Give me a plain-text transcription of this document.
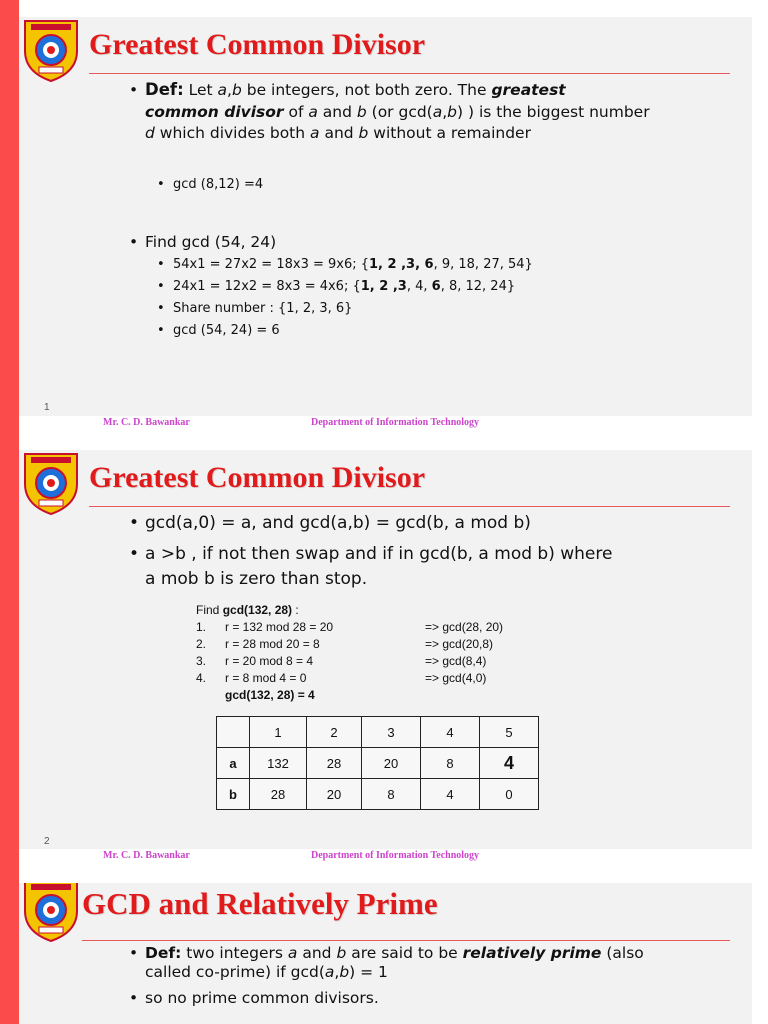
Greatest Common Divisor
• Def: Let a,b be integers, not both zero. The greatest
common divisor of a and b (or gcd(a,b) ) is the biggest number
d which divides both a and b without a remainder
• gcd (8,12) =4
• Find gcd (54, 24)
• 54x1 = 27x2 = 18x3 = 9x6; {1, 2 ,3, 6, 9, 18, 27, 54}
• 24x1 = 12x2 = 8x3 = 4x6; {1, 2 ,3, 4, 6, 8, 12, 24}
• Share number : {1, 2, 3, 6}
• gcd (54, 24) = 6
1
Mr. C. D. Bawankar	Department of Information Technology
Greatest Common Divisor
• gcd(a,0) = a, and gcd(a,b) = gcd(b, a mod b)
• a >b , if not then swap and if in gcd(b, a mod b) where
a mob b is zero than stop.
Find gcd(132, 28) :
1. r = 132 mod 28 = 20	=> gcd(28, 20)
2. r = 28 mod 20 = 8	=> gcd(20,8)
3. r = 20 mod 8 = 4	=> gcd(8,4)
4. r = 8 mod 4 = 0	=> gcd(4,0)
gcd(132, 28) = 4
	1	2	3	4	5
a	132	28	20	8	4
b	28	20	8	4	0
2
Mr. C. D. Bawankar	Department of Information Technology
GCD and Relatively Prime
• Def: two integers a and b are said to be relatively prime (also
called co-prime) if gcd(a,b) = 1
• so no prime common divisors.
